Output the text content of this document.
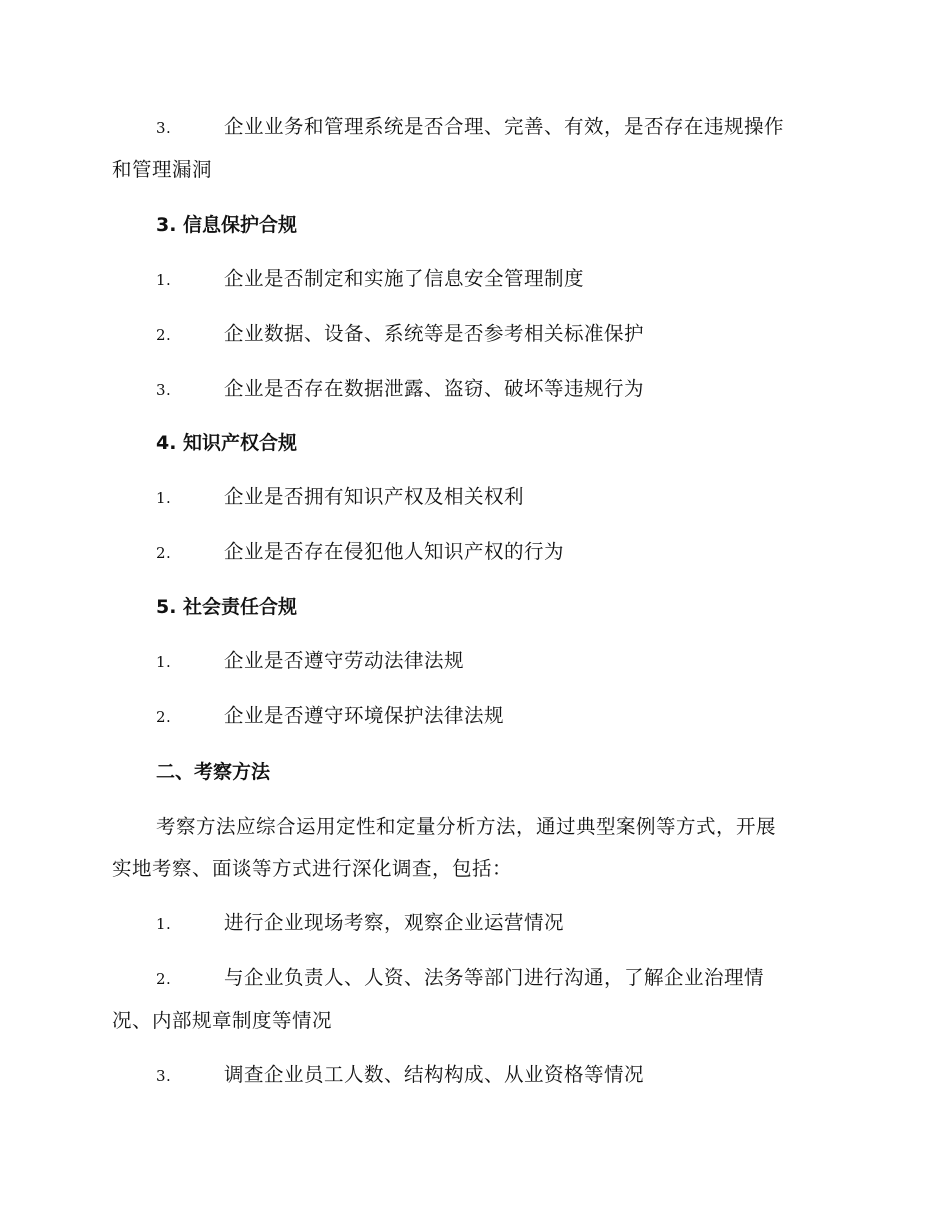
3.	企业业务和管理系统是否合理、完善、有效，是否存在违规操作
和管理漏洞
3. 信息保护合规
1.	企业是否制定和实施了信息安全管理制度
2.	企业数据、设备、系统等是否参考相关标准保护
3.	企业是否存在数据泄露、盗窃、破坏等违规行为
4. 知识产权合规
1.	企业是否拥有知识产权及相关权利
2.	企业是否存在侵犯他人知识产权的行为
5. 社会责任合规
1.	企业是否遵守劳动法律法规
2.	企业是否遵守环境保护法律法规
二、考察方法
考察方法应综合运用定性和定量分析方法，通过典型案例等方式，开展
实地考察、面谈等方式进行深化调查，包括：
1.	进行企业现场考察，观察企业运营情况
2.	与企业负责人、人资、法务等部门进行沟通，了解企业治理情
况、内部规章制度等情况
3.	调查企业员工人数、结构构成、从业资格等情况
